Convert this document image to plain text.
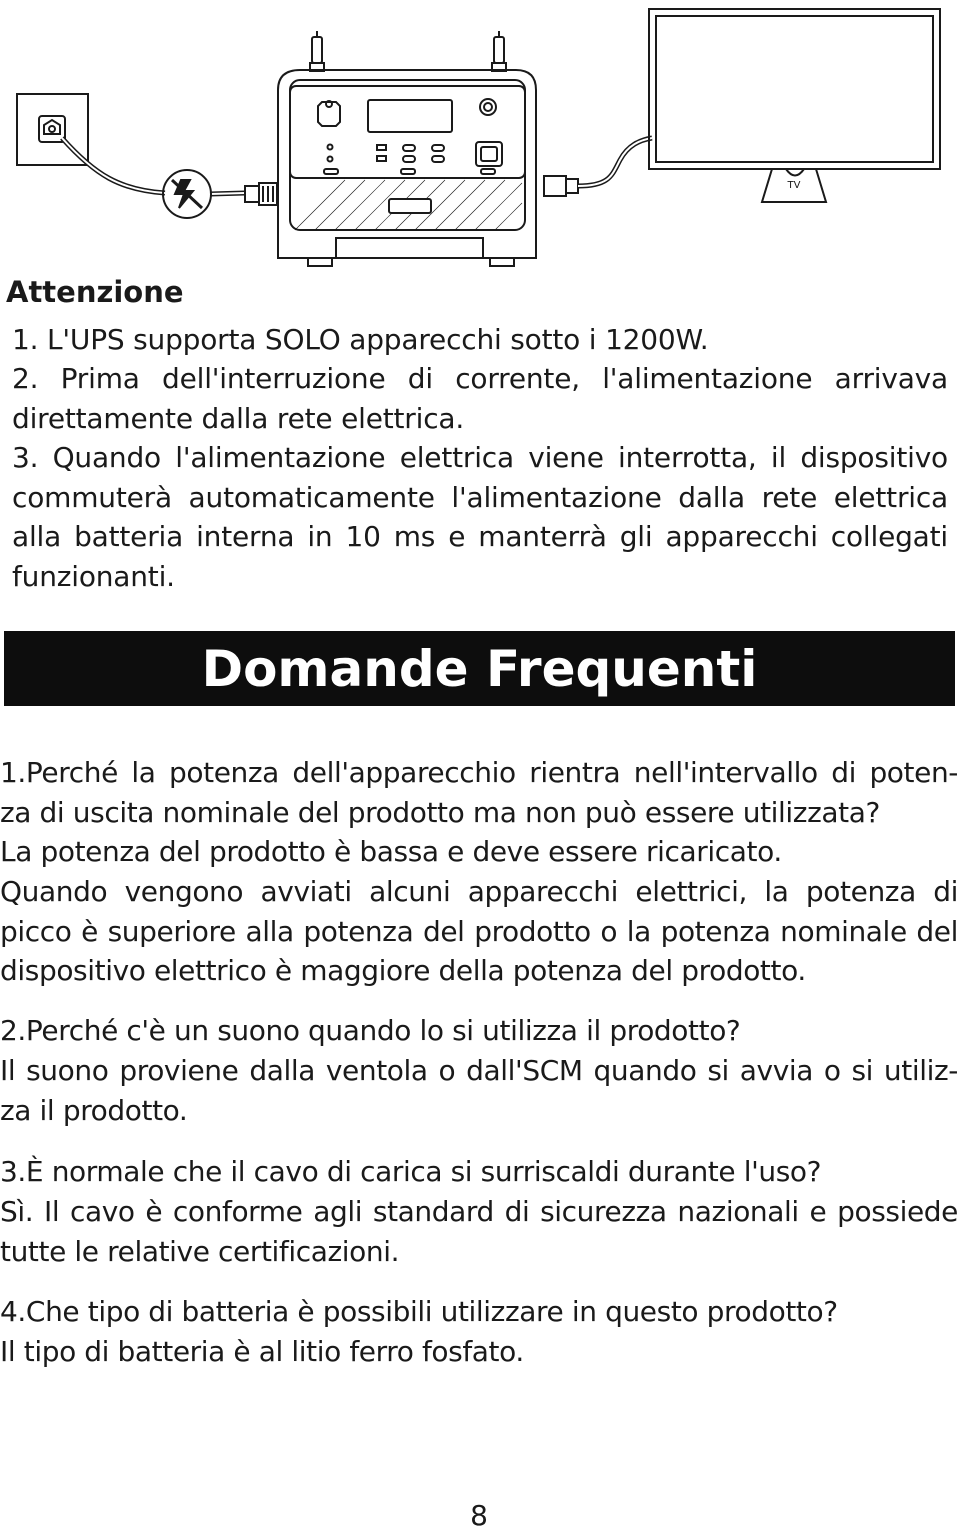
TV
Attenzione

1. L'UPS supporta SOLO apparecchi sotto i 1200W.

2. Prima dell'interruzione di corrente, l'alimentazione arrivava direttamente dalla rete elettrica.

3. Quando l'alimentazione elettrica viene interrotta, il dispositivo commuterà automaticamente l'alimentazione dalla rete elettrica alla batteria interna in 10 ms e manterrà gli apparecchi collegati funzionanti.

Domande Frequenti

1.Perché la potenza dell'apparecchio rientra nell'intervallo di poten- za di uscita nominale del prodotto ma non può essere utilizzata?

La potenza del prodotto è bassa e deve essere ricaricato.

Quando vengono avviati alcuni apparecchi elettrici, la potenza di picco è superiore alla potenza del prodotto o la potenza nominale del dispositivo elettrico è maggiore della potenza del prodotto.

2.Perché c'è un suono quando lo si utilizza il prodotto?

Il suono proviene dalla ventola o dall'SCM quando si avvia o si utiliz- za il prodotto.

3.È normale che il cavo di carica si surriscaldi durante l'uso?

Sì. Il cavo è conforme agli standard di sicurezza nazionali e possiede tutte le relative certificazioni.

4.Che tipo di batteria è possibili utilizzare in questo prodotto?

Il tipo di batteria è al litio ferro fosfato.

8
